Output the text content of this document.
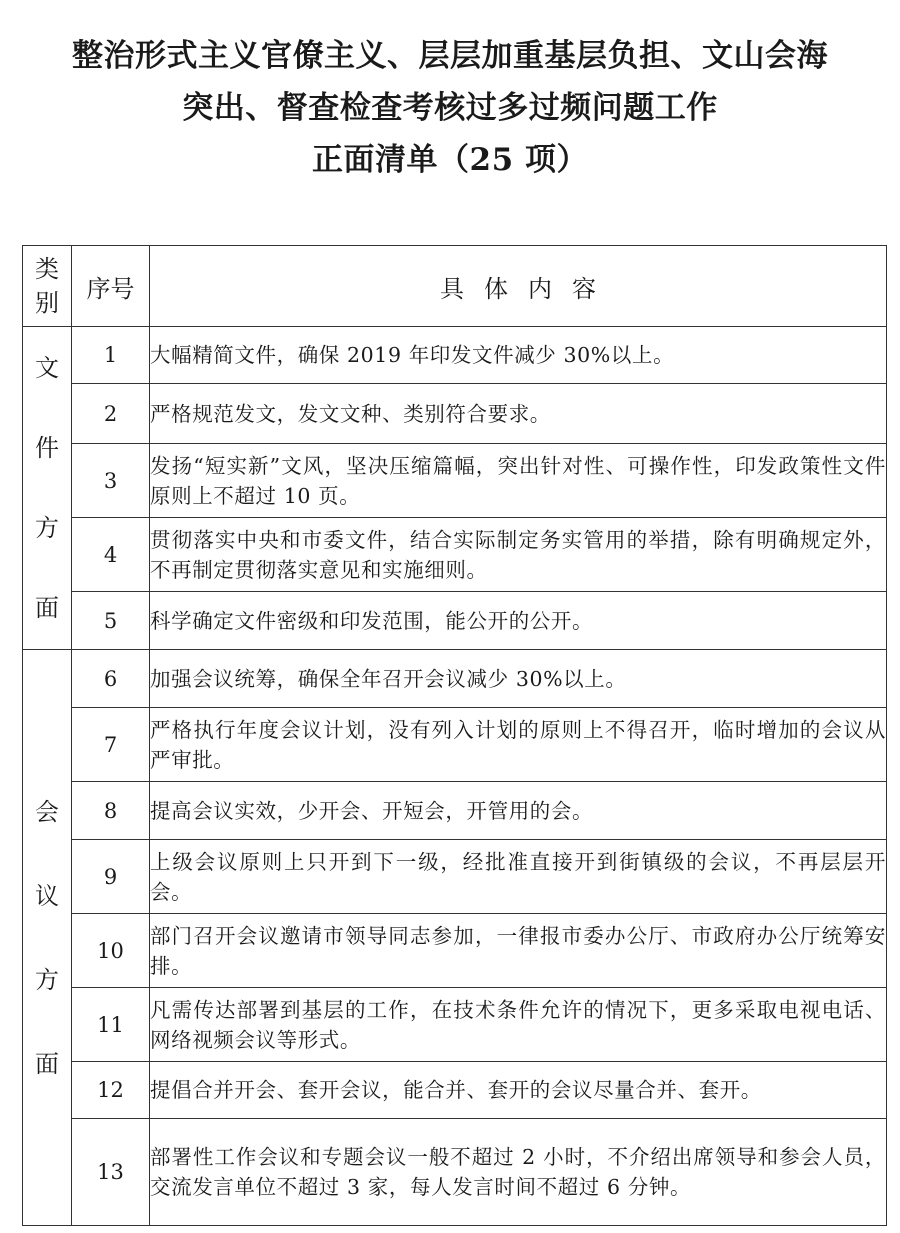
整治形式主义官僚主义、层层加重基层负担、文山会海
突出、督查检查考核过多过频问题工作
正面清单（25 项）
类
别	序号	具体内容

文
件
方
面	1	大幅精简文件，确保 2019 年印发文件减少 30%以上。
	2	严格规范发文，发文文种、类别符合要求。
	3	发扬“短实新”文风，坚决压缩篇幅，突出针对性、可操作性，印发政策性文件原则上不超过 10 页。
	4	贯彻落实中央和市委文件，结合实际制定务实管用的举措，除有明确规定外，不再制定贯彻落实意见和实施细则。
	5	科学确定文件密级和印发范围，能公开的公开。

会
议
方
面	6	加强会议统筹，确保全年召开会议减少 30%以上。
	7	严格执行年度会议计划，没有列入计划的原则上不得召开，临时增加的会议从严审批。
	8	提高会议实效，少开会、开短会，开管用的会。
	9	上级会议原则上只开到下一级，经批准直接开到街镇级的会议，不再层层开会。
	10	部门召开会议邀请市领导同志参加，一律报市委办公厅、市政府办公厅统筹安排。
	11	凡需传达部署到基层的工作，在技术条件允许的情况下，更多采取电视电话、网络视频会议等形式。
	12	提倡合并开会、套开会议，能合并、套开的会议尽量合并、套开。
	13	部署性工作会议和专题会议一般不超过 2 小时，不介绍出席领导和参会人员，交流发言单位不超过 3 家，每人发言时间不超过 6 分钟。
